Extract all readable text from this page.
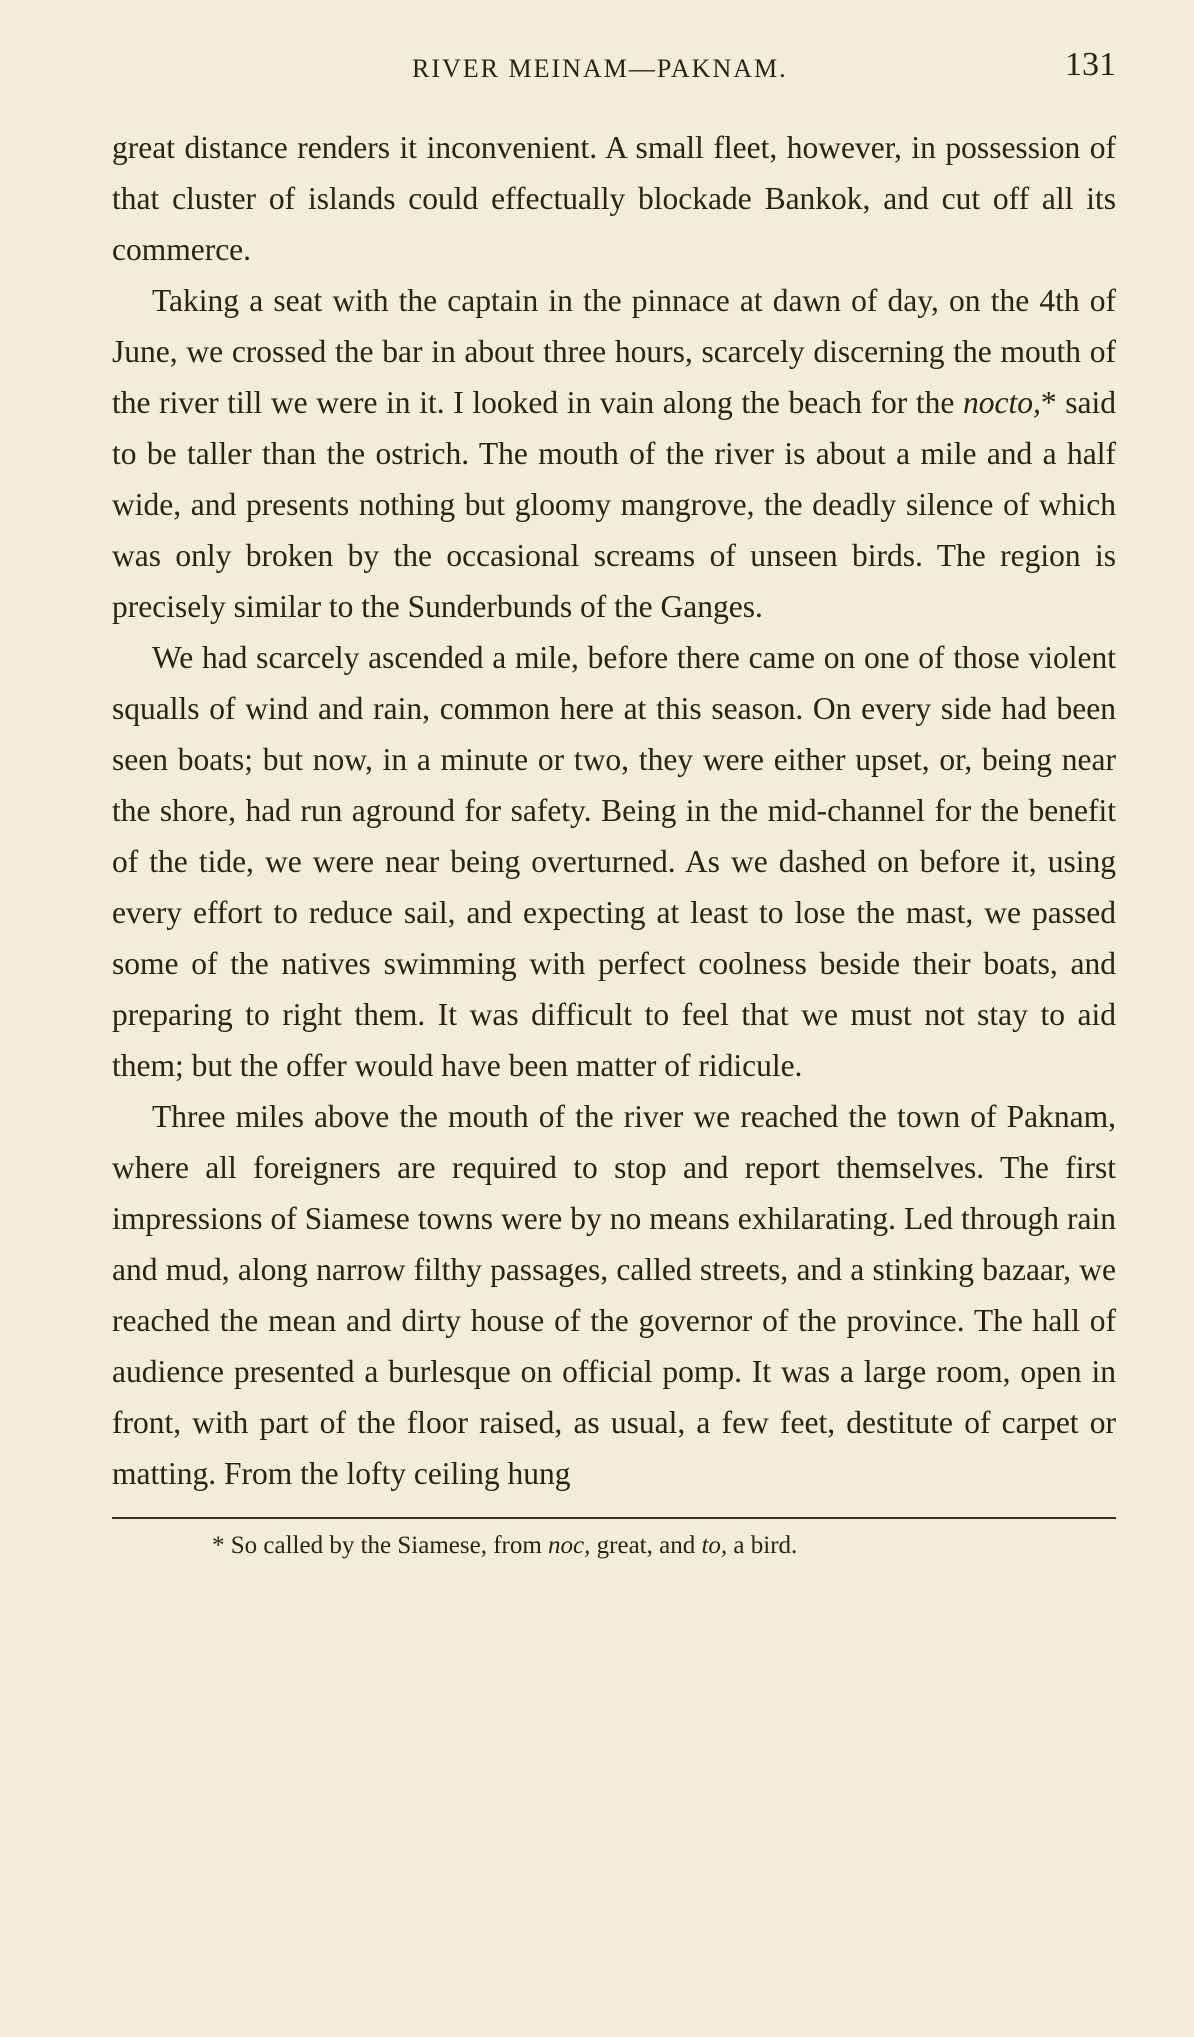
RIVER MEINAM—PAKNAM.	131

great distance renders it inconvenient. A small fleet, however, in possession of that cluster of islands could effectually blockade Bankok, and cut off all its commerce.

Taking a seat with the captain in the pinnace at dawn of day, on the 4th of June, we crossed the bar in about three hours, scarcely discerning the mouth of the river till we were in it. I looked in vain along the beach for the nocto,* said to be taller than the ostrich. The mouth of the river is about a mile and a half wide, and presents nothing but gloomy mangrove, the deadly silence of which was only broken by the occasional screams of unseen birds. The region is precisely similar to the Sunderbunds of the Ganges.

We had scarcely ascended a mile, before there came on one of those violent squalls of wind and rain, common here at this season. On every side had been seen boats; but now, in a minute or two, they were either upset, or, being near the shore, had run aground for safety. Being in the mid-channel for the benefit of the tide, we were near being overturned. As we dashed on before it, using every effort to reduce sail, and expecting at least to lose the mast, we passed some of the natives swimming with perfect coolness beside their boats, and preparing to right them. It was difficult to feel that we must not stay to aid them; but the offer would have been matter of ridicule.

Three miles above the mouth of the river we reached the town of Paknam, where all foreigners are required to stop and report themselves. The first impressions of Siamese towns were by no means exhilarating. Led through rain and mud, along narrow filthy passages, called streets, and a stinking bazaar, we reached the mean and dirty house of the governor of the province. The hall of audience presented a burlesque on official pomp. It was a large room, open in front, with part of the floor raised, as usual, a few feet, destitute of carpet or matting. From the lofty ceiling hung

* So called by the Siamese, from noc, great, and to, a bird.
